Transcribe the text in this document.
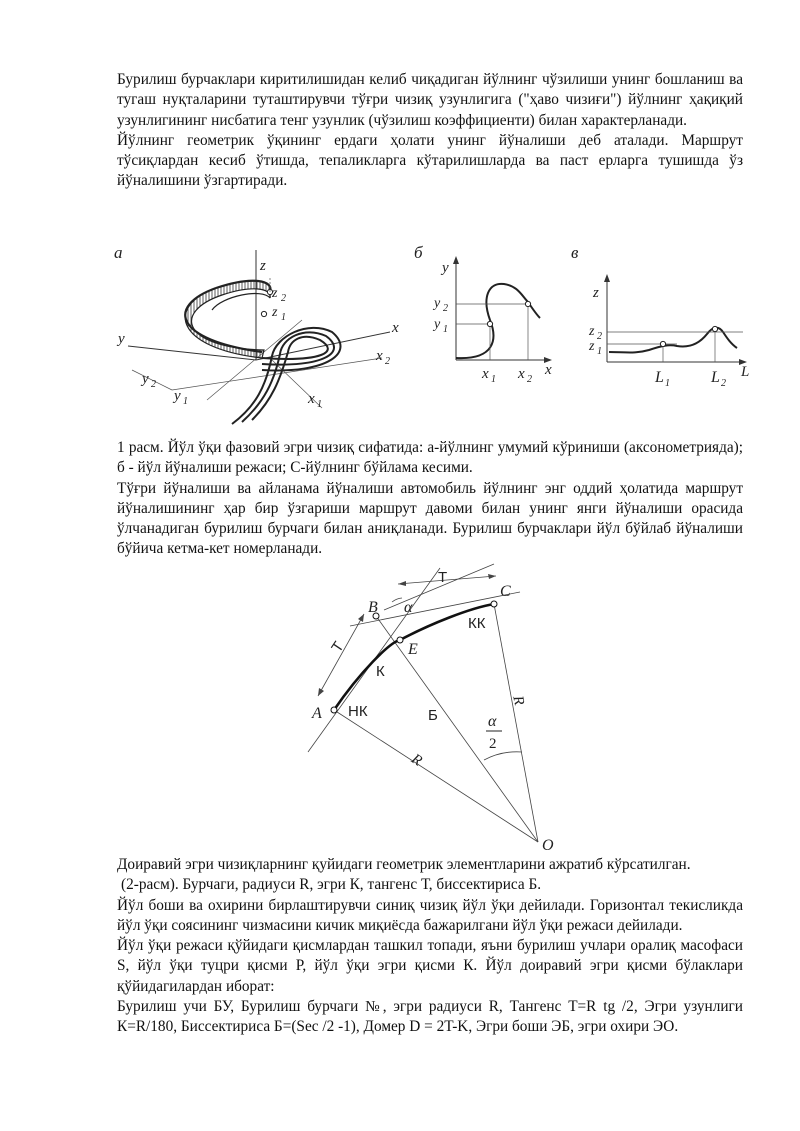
Бурилиш бурчаклари киритилишидан келиб чиқадиган йўлнинг чўзилиши унинг бошланиш ва тугаш нуқталарини туташтирувчи тўғри чизиқ узунлигига ("ҳаво чизиғи") йўлнинг ҳақиқий узунлигининг нисбатига тенг узунлик (чўзилиш коэффициенти) билан характерланади.

Йўлнинг геометрик ўқининг ердаги ҳолати унинг йўналиши деб аталади. Маршрут тўсиқлардан кесиб ўтишда, тепаликларга кўтарилишларда ва паст ерларга тушишда ўз йўналишини ўзгартиради.

а
z
x
y
z 2
z 1
x 2
x 1
y 2
y 1
б
y
x
y 2
y 1
x 1 x 2
в
z
L
z 2
z 1
L 1	L 2

1 расм. Йўл ўқи фазовий эгри чизиқ сифатида: а-йўлнинг умумий кўриниши (аксонометрияда); б - йўл йўналиши режаси; С-йўлнинг бўйлама кесими.

Тўғри йўналиши ва айланама йўналиши автомобиль йўлнинг энг оддий ҳолатида маршрут йўналишининг ҳар бир ўзгариши маршрут давоми билан унинг янги йўналиши орасида ўлчанадиган бурилиш бурчаги билан аниқланади. Бурилиш бурчаклари йўл бўйлаб йўналиши бўйича кетма-кет номерланади.

A
B
C
E
O
T
T
α
КК
К
НК	Б
R
R
α
2

Доиравий эгри чизиқларнинг қуйидаги геометрик элементларини ажратиб кўрсатилган.

(2-расм). Бурчаги, радиуси R, эгри К, тангенс Т, биссектириса Б.

Йўл боши ва охирини бирлаштирувчи синиқ чизиқ йўл ўқи дейилади. Горизонтал текисликда йўл ўқи соясининг чизмасини кичик миқиёсда бажарилгани йўл ўқи режаси дейилади.

Йўл ўқи режаси қўйидаги қисмлардан ташкил топади, яъни бурилиш учлари оралиқ масофаси S, йўл ўқи туцри қисми Р, йўл ўқи эгри қисми К. Йўл доиравий эгри қисми бўлаклари қўйидагилардан иборат:

Бурилиш учи БУ, Бурилиш бурчаги №, эгри радиуси R, Тангенс T=R tg /2, Эгри узунлиги К=R/180, Биссектириса Б=(Sec /2 -1), Домер D = 2T-K, Эгри боши ЭБ, эгри охири ЭО.
